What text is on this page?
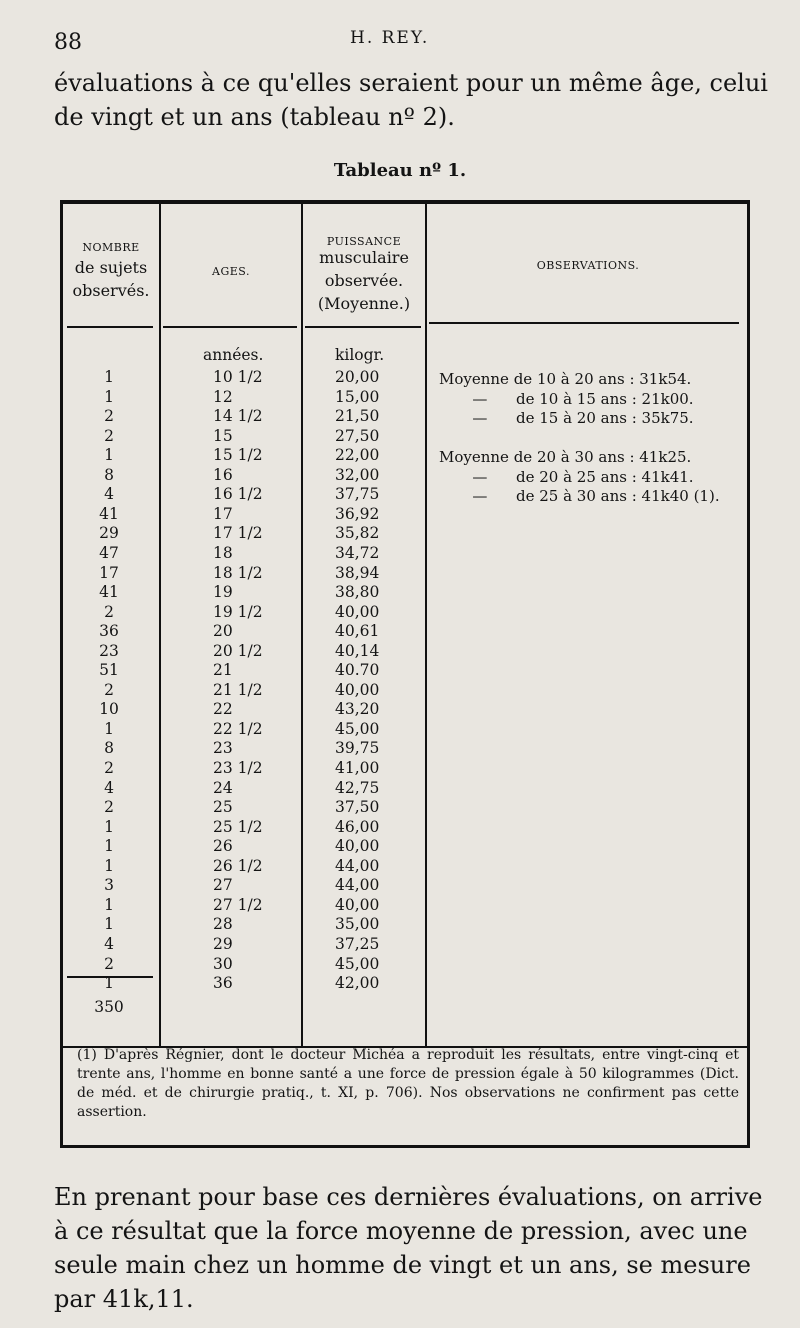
88	H. REY.

évaluations à ce qu'elles seraient pour un même âge, celui de vingt et un ans (tableau nº 2).

Tableau nº 1.
NOMBRE
de sujets observés.
AGES.
PUISSANCE
musculaire observée. (Moyenne.)
OBSERVATIONS.
années.	kilogr.
1	10 1/2	20,00
1	12	15,00
2	14 1/2	21,50
2	15	27,50
1	15 1/2	22,00
8	16	32,00
4	16 1/2	37,75
41	17	36,92
29	17 1/2	35,82
47	18	34,72
17	18 1/2	38,94
41	19	38,80
2	19 1/2	40,00
36	20	40,61
23	20 1/2	40,14
51	21	40.70
2	21 1/2	40,00
10	22	43,20
1	22 1/2	45,00
8	23	39,75
2	23 1/2	41,00
4	24	42,75
2	25	37,50
1	25 1/2	46,00
1	26	40,00
1	26 1/2	44,00
3	27	44,00
1	27 1/2	40,00
1	28	35,00
4	29	37,25
2	30	45,00
1	36	42,00
350
Moyenne de 10 à 20 ans : 31k54.
—      de 10 à 15 ans : 21k00.
—      de 15 à 20 ans : 35k75.
Moyenne de 20 à 30 ans : 41k25.
—      de 20 à 25 ans : 41k41.
—      de 25 à 30 ans : 41k40 (1).

(1) D'après Régnier, dont le docteur Michéa a reproduit les résultats, entre vingt-cinq et trente ans, l'homme en bonne santé a une force de pression égale à 50 kilogrammes (Dict. de méd. et de chirurgie pratiq., t. XI, p. 706). Nos observations ne confirment pas cette assertion.

En prenant pour base ces dernières évaluations, on arrive à ce résultat que la force moyenne de pression, avec une seule main chez un homme de vingt et un ans, se mesure par 41k,11.
